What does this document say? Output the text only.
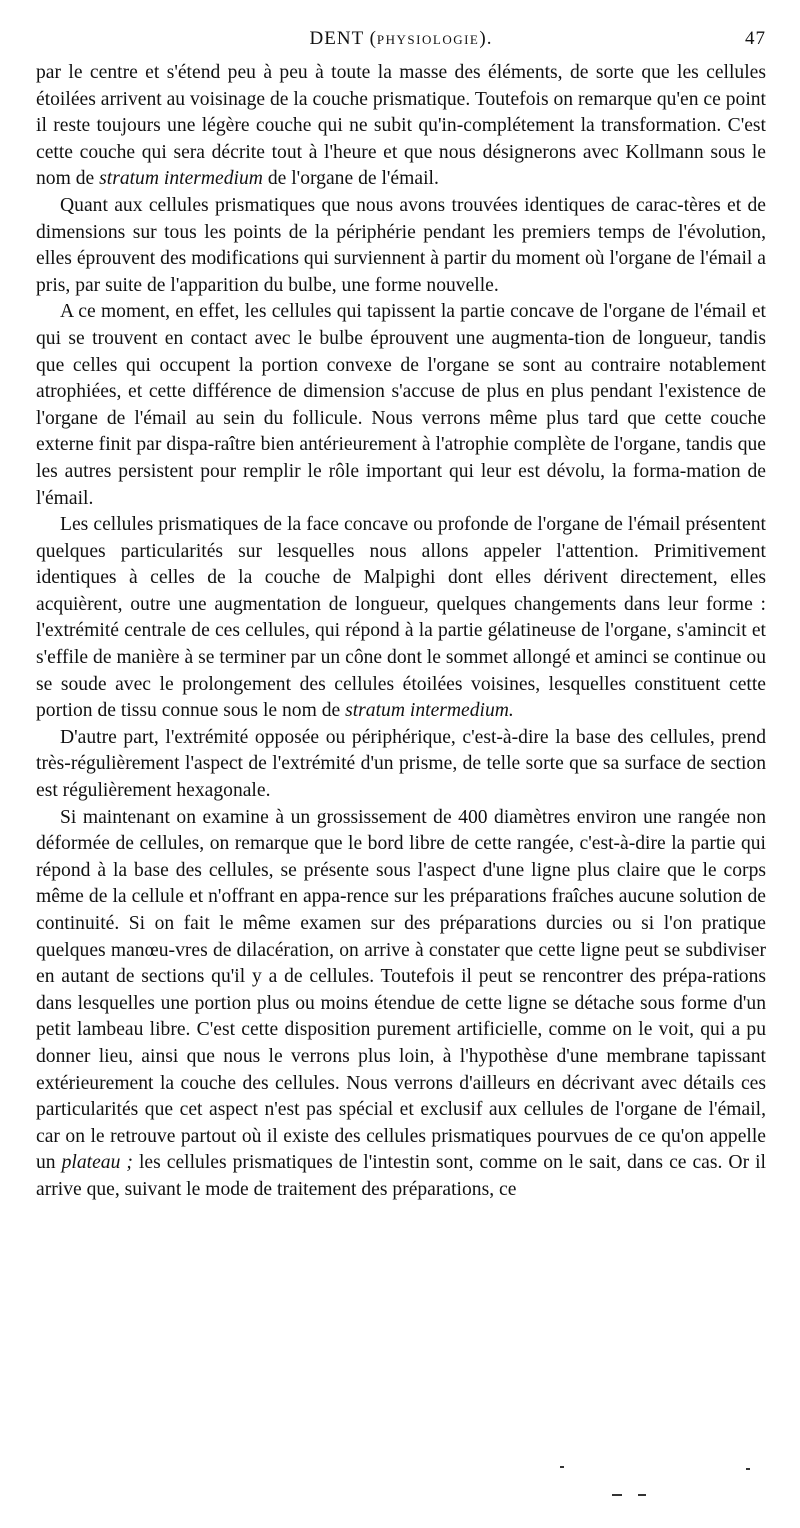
DENT (PHYSIOLOGIE).	47

par le centre et s'étend peu à peu à toute la masse des éléments, de sorte que les cellules étoilées arrivent au voisinage de la couche prismatique. Toutefois on remarque qu'en ce point il reste toujours une légère couche qui ne subit qu'in-complétement la transformation. C'est cette couche qui sera décrite tout à l'heure et que nous désignerons avec Kollmann sous le nom de stratum intermedium de l'organe de l'émail.

Quant aux cellules prismatiques que nous avons trouvées identiques de carac-tères et de dimensions sur tous les points de la périphérie pendant les premiers temps de l'évolution, elles éprouvent des modifications qui surviennent à partir du moment où l'organe de l'émail a pris, par suite de l'apparition du bulbe, une forme nouvelle.

A ce moment, en effet, les cellules qui tapissent la partie concave de l'organe de l'émail et qui se trouvent en contact avec le bulbe éprouvent une augmenta-tion de longueur, tandis que celles qui occupent la portion convexe de l'organe se sont au contraire notablement atrophiées, et cette différence de dimension s'accuse de plus en plus pendant l'existence de l'organe de l'émail au sein du follicule. Nous verrons même plus tard que cette couche externe finit par dispa-raître bien antérieurement à l'atrophie complète de l'organe, tandis que les autres persistent pour remplir le rôle important qui leur est dévolu, la forma-mation de l'émail.

Les cellules prismatiques de la face concave ou profonde de l'organe de l'émail présentent quelques particularités sur lesquelles nous allons appeler l'attention. Primitivement identiques à celles de la couche de Malpighi dont elles dérivent directement, elles acquièrent, outre une augmentation de longueur, quelques changements dans leur forme : l'extrémité centrale de ces cellules, qui répond à la partie gélatineuse de l'organe, s'amincit et s'effile de manière à se terminer par un cône dont le sommet allongé et aminci se continue ou se soude avec le prolongement des cellules étoilées voisines, lesquelles constituent cette portion de tissu connue sous le nom de stratum intermedium.

D'autre part, l'extrémité opposée ou périphérique, c'est-à-dire la base des cellules, prend très-régulièrement l'aspect de l'extrémité d'un prisme, de telle sorte que sa surface de section est régulièrement hexagonale.

Si maintenant on examine à un grossissement de 400 diamètres environ une rangée non déformée de cellules, on remarque que le bord libre de cette rangée, c'est-à-dire la partie qui répond à la base des cellules, se présente sous l'aspect d'une ligne plus claire que le corps même de la cellule et n'offrant en appa-rence sur les préparations fraîches aucune solution de continuité. Si on fait le même examen sur des préparations durcies ou si l'on pratique quelques manœu-vres de dilacération, on arrive à constater que cette ligne peut se subdiviser en autant de sections qu'il y a de cellules. Toutefois il peut se rencontrer des prépa-rations dans lesquelles une portion plus ou moins étendue de cette ligne se détache sous forme d'un petit lambeau libre. C'est cette disposition purement artificielle, comme on le voit, qui a pu donner lieu, ainsi que nous le verrons plus loin, à l'hypothèse d'une membrane tapissant extérieurement la couche des cellules. Nous verrons d'ailleurs en décrivant avec détails ces particularités que cet aspect n'est pas spécial et exclusif aux cellules de l'organe de l'émail, car on le retrouve partout où il existe des cellules prismatiques pourvues de ce qu'on appelle un plateau ; les cellules prismatiques de l'intestin sont, comme on le sait, dans ce cas. Or il arrive que, suivant le mode de traitement des préparations, ce
